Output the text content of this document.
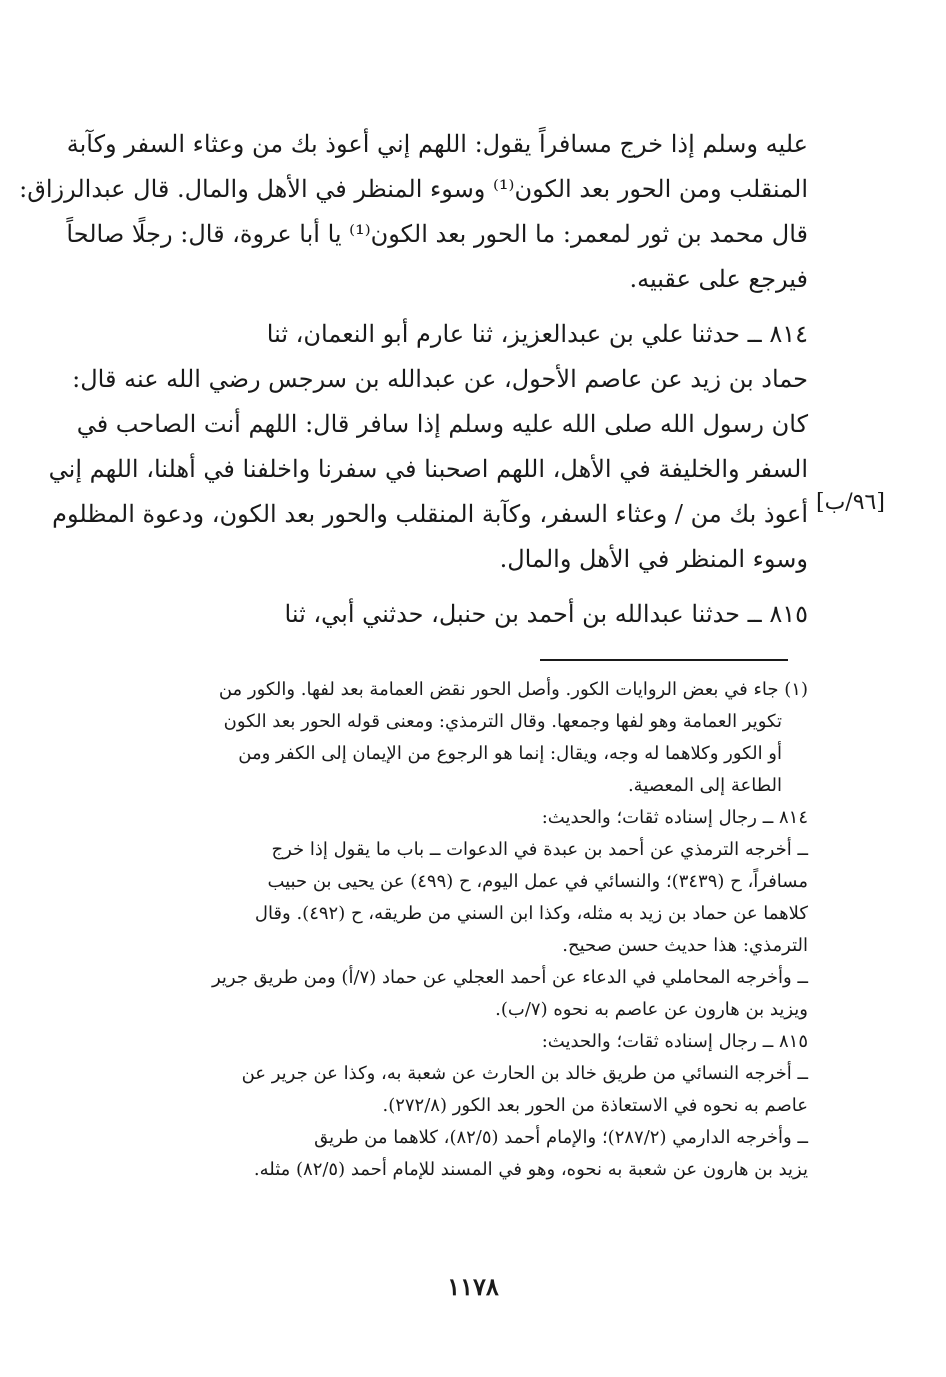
عليه وسلم إذا خرج مسافراً يقول: اللهم إني أعوذ بك من وعثاء السفر وكآبة
المنقلب ومن الحور بعد الكون⁽¹⁾ وسوء المنظر في الأهل والمال. قال عبدالرزاق:
قال محمد بن ثور لمعمر: ما الحور بعد الكون⁽¹⁾ يا أبا عروة، قال: رجلًا صالحاً
فيرجع على عقبيه.
٨١٤ ــ حدثنا علي بن عبدالعزيز، ثنا عارم أبو النعمان، ثنا
حماد بن زيد عن عاصم الأحول، عن عبدالله بن سرجس رضي الله عنه قال:
كان رسول الله صلى الله عليه وسلم إذا سافر قال: اللهم أنت الصاحب في
السفر والخليفة في الأهل، اللهم اصحبنا في سفرنا واخلفنا في أهلنا، اللهم إني
أعوذ بك من / وعثاء السفر، وكآبة المنقلب والحور بعد الكون، ودعوة المظلوم
وسوء المنظر في الأهل والمال.
٨١٥ ــ حدثنا عبدالله بن أحمد بن حنبل، حدثني أبي، ثنا
[٩٦/ب]
(١) جاء في بعض الروايات الكور. وأصل الحور نقض العمامة بعد لفها. والكور من
تكوير العمامة وهو لفها وجمعها. وقال الترمذي: ومعنى قوله الحور بعد الكون
أو الكور وكلاهما له وجه، ويقال: إنما هو الرجوع من الإيمان إلى الكفر ومن
الطاعة إلى المعصية.
٨١٤ ــ رجال إسناده ثقات؛ والحديث:
ــ أخرجه الترمذي عن أحمد بن عبدة في الدعوات ــ باب ما يقول إذا خرج
مسافراً، ح (٣٤٣٩)؛ والنسائي في عمل اليوم، ح (٤٩٩) عن يحيى بن حبيب
كلاهما عن حماد بن زيد به مثله، وكذا ابن السني من طريقه، ح (٤٩٢). وقال
الترمذي: هذا حديث حسن صحيح.
ــ وأخرجه المحاملي في الدعاء عن أحمد العجلي عن حماد (٧/أ) ومن طريق جرير
ويزيد بن هارون عن عاصم به نحوه (٧/ب).
٨١٥ ــ رجال إسناده ثقات؛ والحديث:
ــ أخرجه النسائي من طريق خالد بن الحارث عن شعبة به، وكذا عن جرير عن
عاصم به نحوه في الاستعاذة من الحور بعد الكور (٢٧٢/٨).
ــ وأخرجه الدارمي (٢٨٧/٢)؛ والإمام أحمد (٨٢/٥)، كلاهما من طريق
يزيد بن هارون عن شعبة به نحوه، وهو في المسند للإمام أحمد (٨٢/٥) مثله.
١١٧٨
